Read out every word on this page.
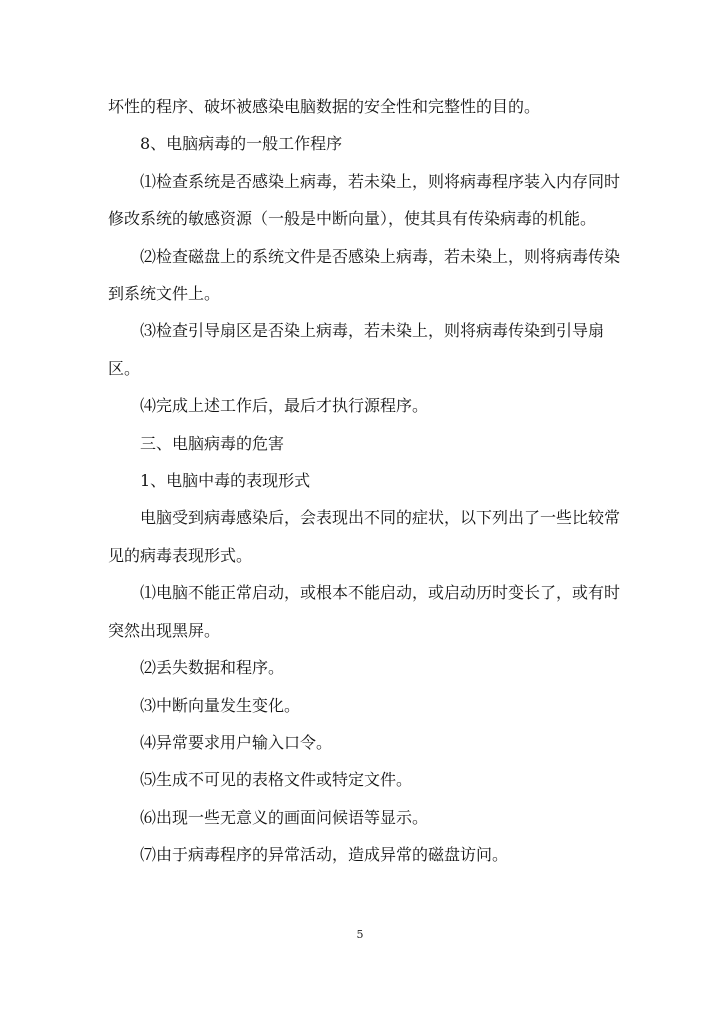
坏性的程序、破坏被感染电脑数据的安全性和完整性的目的。

8、电脑病毒的一般工作程序

⑴检查系统是否感染上病毒，若未染上，则将病毒程序装入内存同时修改系统的敏感资源（一般是中断向量），使其具有传染病毒的机能。

⑵检查磁盘上的系统文件是否感染上病毒，若未染上，则将病毒传染到系统文件上。

⑶检查引导扇区是否染上病毒，若未染上，则将病毒传染到引导扇区。

⑷完成上述工作后，最后才执行源程序。

三、电脑病毒的危害

1、电脑中毒的表现形式

电脑受到病毒感染后，会表现出不同的症状，以下列出了一些比较常见的病毒表现形式。

⑴电脑不能正常启动，或根本不能启动，或启动历时变长了，或有时突然出现黑屏。

⑵丢失数据和程序。

⑶中断向量发生变化。

⑷异常要求用户输入口令。

⑸生成不可见的表格文件或特定文件。

⑹出现一些无意义的画面问候语等显示。

⑺由于病毒程序的异常活动，造成异常的磁盘访问。

5
